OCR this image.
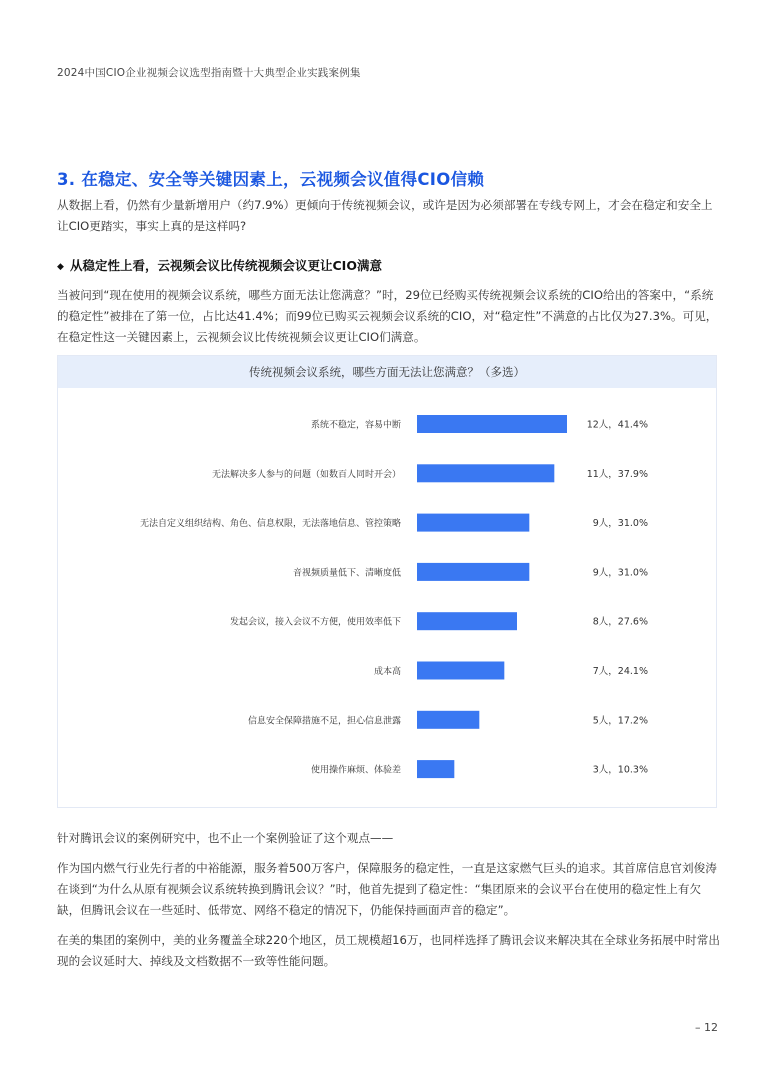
2024中国CIO企业视频会议选型指南暨十大典型企业实践案例集
3. 在稳定、安全等关键因素上，云视频会议值得CIO信赖
从数据上看，仍然有少量新增用户（约7.9%）更倾向于传统视频会议，或许是因为必须部署在专线专网上，才会在稳定和安全上让CIO更踏实，事实上真的是这样吗?
◆ 从稳定性上看，云视频会议比传统视频会议更让CIO满意
当被问到“现在使用的视频会议系统，哪些方面无法让您满意？”时，29位已经购买传统视频会议系统的CIO给出的答案中，“系统的稳定性”被排在了第一位，占比达41.4%；而99位已购买云视频会议系统的CIO，对“稳定性”不满意的占比仅为27.3%。可见，在稳定性这一关键因素上，云视频会议比传统视频会议更让CIO们满意。
传统视频会议系统，哪些方面无法让您满意？（多选）
系统不稳定，容易中断	12人，41.4%
无法解决多人参与的问题（如数百人同时开会）	11人，37.9%
无法自定义组织结构、角色、信息权限，无法落地信息、管控策略	9人，31.0%
音视频质量低下、清晰度低	9人，31.0%
发起会议，接入会议不方便，使用效率低下	8人，27.6%
成本高	7人，24.1%
信息安全保障措施不足，担心信息泄露	5人，17.2%
使用操作麻烦、体验差	3人，10.3%
针对腾讯会议的案例研究中，也不止一个案例验证了这个观点——
作为国内燃气行业先行者的中裕能源，服务着500万客户，保障服务的稳定性，一直是这家燃气巨头的追求。其首席信息官刘俊涛在谈到“为什么从原有视频会议系统转换到腾讯会议？”时，他首先提到了稳定性：“集团原来的会议平台在使用的稳定性上有欠缺，但腾讯会议在一些延时、低带宽、网络不稳定的情况下，仍能保持画面声音的稳定”。
在美的集团的案例中，美的业务覆盖全球220个地区，员工规模超16万，也同样选择了腾讯会议来解决其在全球业务拓展中时常出现的会议延时大、掉线及文档数据不一致等性能问题。
– 12
